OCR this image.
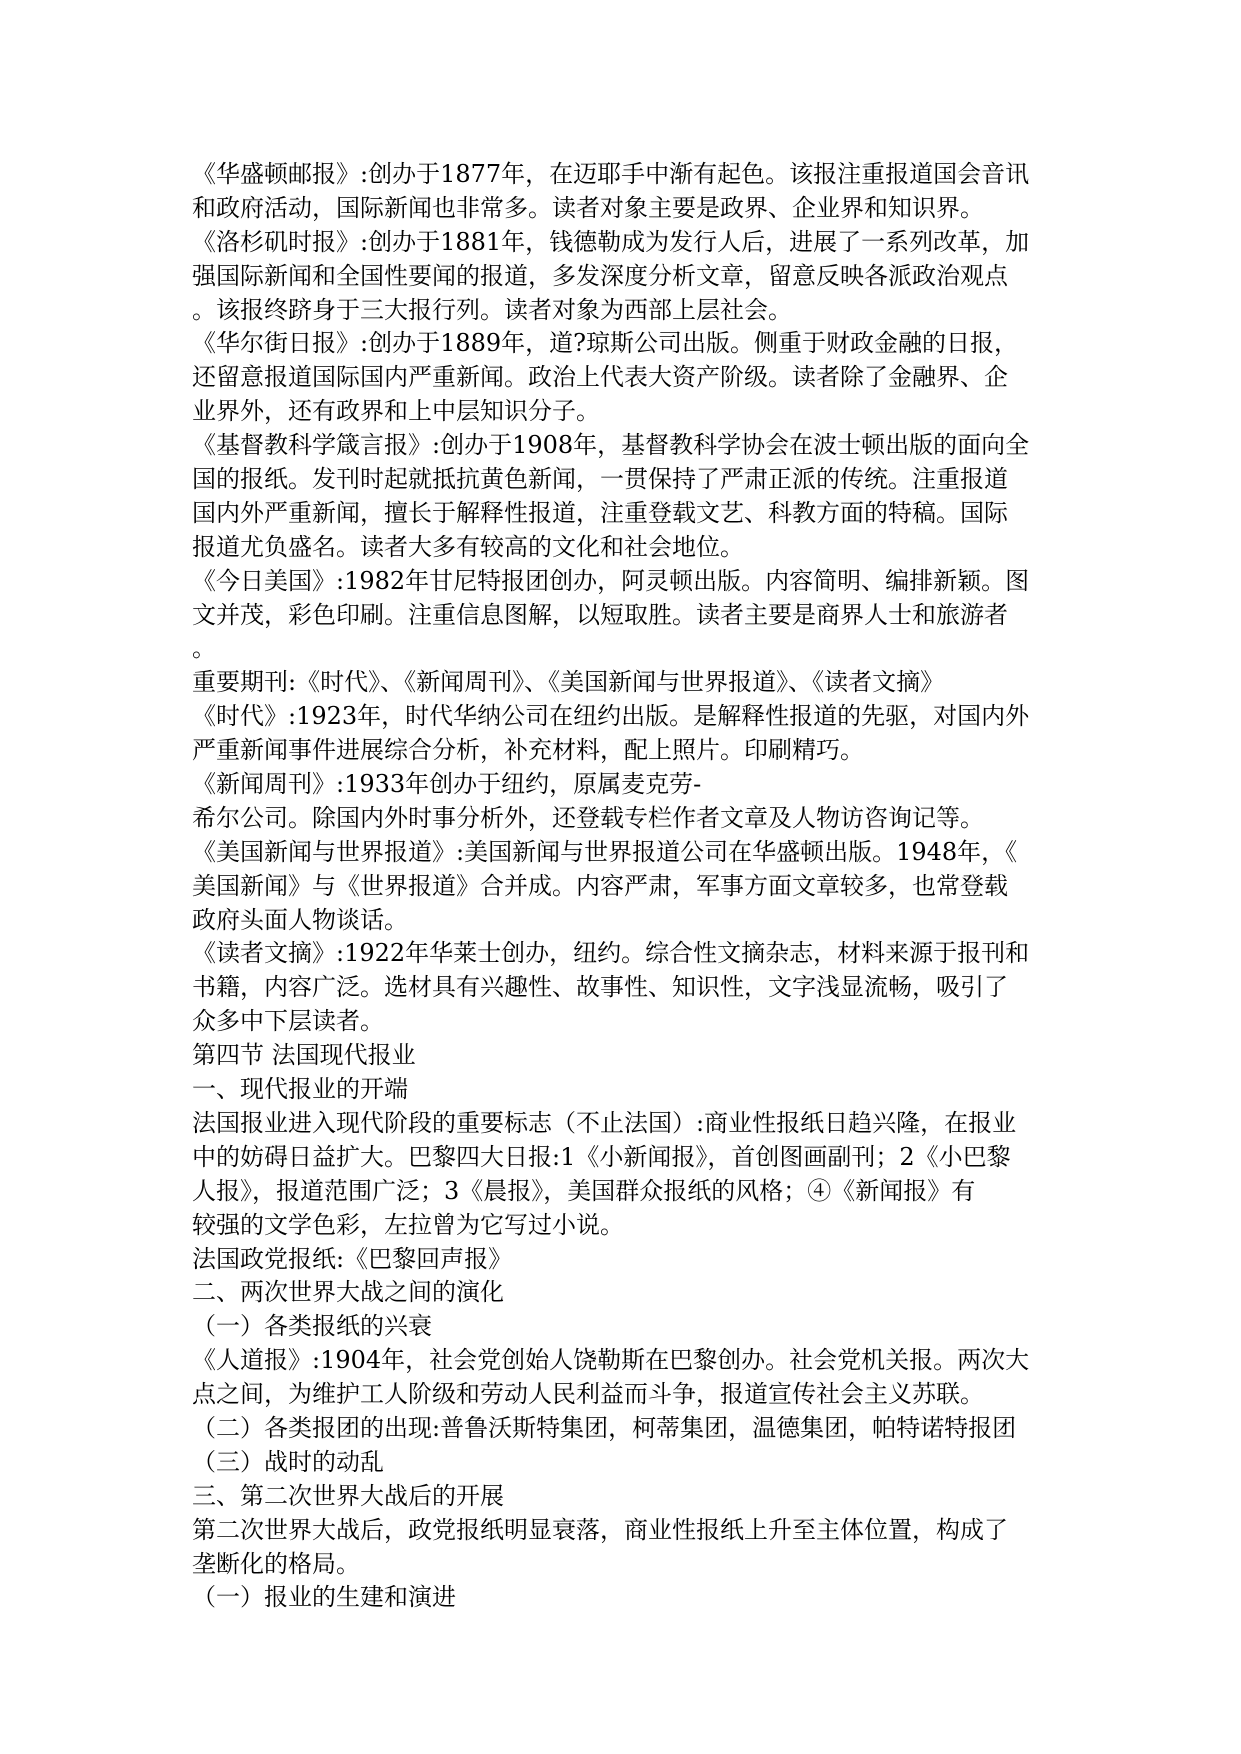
《华盛顿邮报》:创办于1877年，在迈耶手中渐有起色。该报注重报道国会音讯
和政府活动，国际新闻也非常多。读者对象主要是政界、企业界和知识界。
《洛杉矶时报》:创办于1881年，钱德勒成为发行人后，进展了一系列改革，加
强国际新闻和全国性要闻的报道，多发深度分析文章，留意反映各派政治观点
。该报终跻身于三大报行列。读者对象为西部上层社会。
《华尔街日报》:创办于1889年，道?琼斯公司出版。侧重于财政金融的日报，
还留意报道国际国内严重新闻。政治上代表大资产阶级。读者除了金融界、企
业界外，还有政界和上中层知识分子。
《基督教科学箴言报》:创办于1908年，基督教科学协会在波士顿出版的面向全
国的报纸。发刊时起就抵抗黄色新闻，一贯保持了严肃正派的传统。注重报道
国内外严重新闻，擅长于解释性报道，注重登载文艺、科教方面的特稿。国际
报道尤负盛名。读者大多有较高的文化和社会地位。
《今日美国》:1982年甘尼特报团创办，阿灵顿出版。内容简明、编排新颖。图
文并茂，彩色印刷。注重信息图解，以短取胜。读者主要是商界人士和旅游者
。
重要期刊:《时代》、《新闻周刊》、《美国新闻与世界报道》、《读者文摘》
《时代》:1923年，时代华纳公司在纽约出版。是解释性报道的先驱，对国内外
严重新闻事件进展综合分析，补充材料，配上照片。印刷精巧。
《新闻周刊》:1933年创办于纽约，原属麦克劳-
希尔公司。除国内外时事分析外，还登载专栏作者文章及人物访咨询记等。
《美国新闻与世界报道》:美国新闻与世界报道公司在华盛顿出版。1948年，《
美国新闻》与《世界报道》合并成。内容严肃，军事方面文章较多，也常登载
政府头面人物谈话。
《读者文摘》:1922年华莱士创办，纽约。综合性文摘杂志，材料来源于报刊和
书籍，内容广泛。选材具有兴趣性、故事性、知识性，文字浅显流畅，吸引了
众多中下层读者。
第四节 法国现代报业
一、现代报业的开端
法国报业进入现代阶段的重要标志（不止法国）:商业性报纸日趋兴隆，在报业
中的妨碍日益扩大。巴黎四大日报:1《小新闻报》，首创图画副刊；2《小巴黎
人报》，报道范围广泛；3《晨报》，美国群众报纸的风格；④《新闻报》有
较强的文学色彩，左拉曾为它写过小说。
法国政党报纸:《巴黎回声报》
二、两次世界大战之间的演化
（一）各类报纸的兴衰
《人道报》:1904年，社会党创始人饶勒斯在巴黎创办。社会党机关报。两次大
点之间，为维护工人阶级和劳动人民利益而斗争，报道宣传社会主义苏联。
（二）各类报团的出现:普鲁沃斯特集团，柯蒂集团，温德集团，帕特诺特报团
（三）战时的动乱
三、第二次世界大战后的开展
第二次世界大战后，政党报纸明显衰落，商业性报纸上升至主体位置，构成了
垄断化的格局。
（一）报业的生建和演进
